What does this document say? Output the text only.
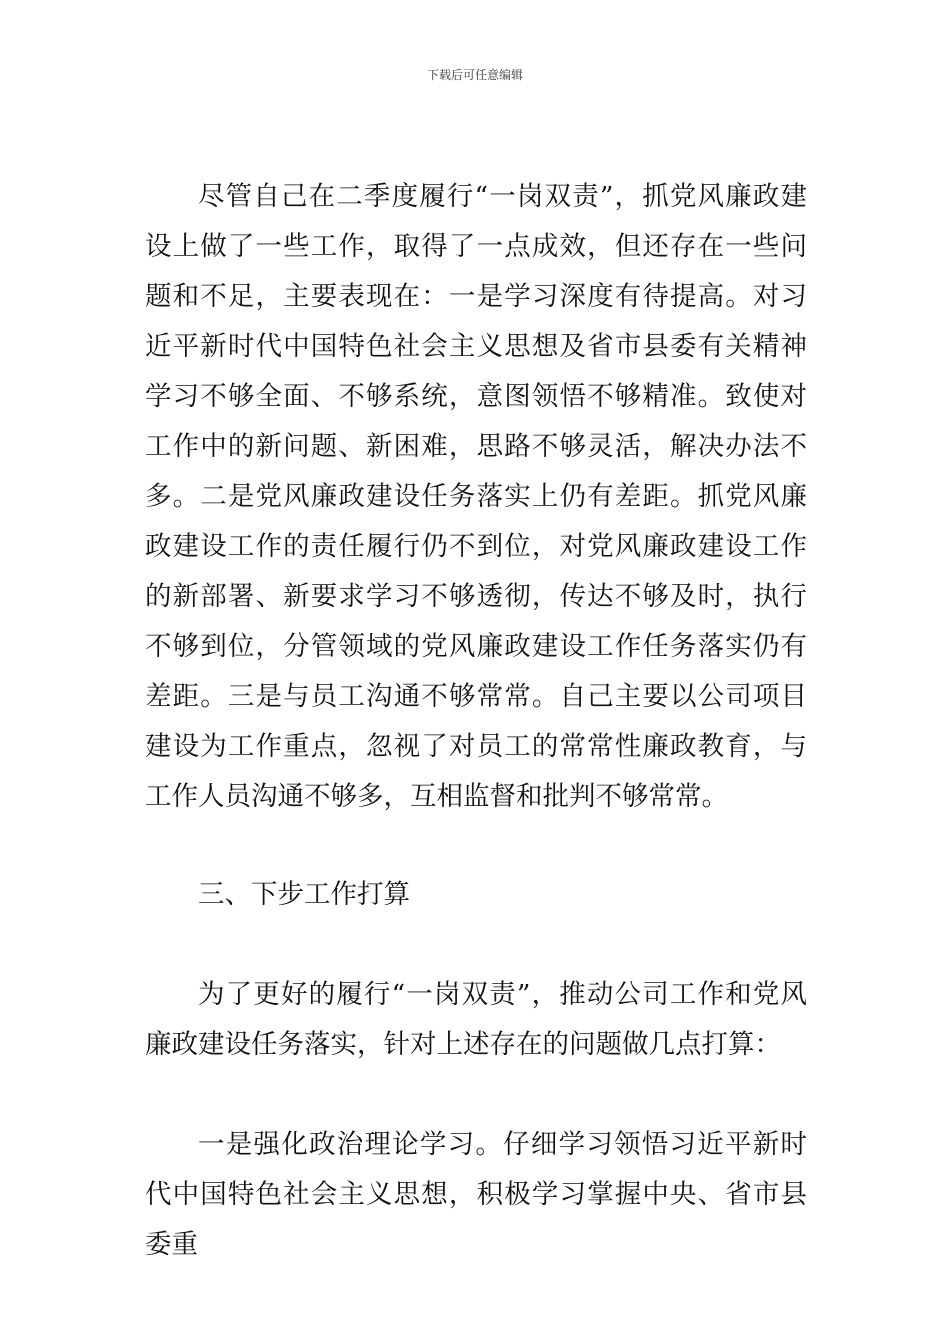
下载后可任意编辑

尽管自己在二季度履行“一岗双责”，抓党风廉政建设上做了一些工作，取得了一点成效，但还存在一些问题和不足，主要表现在：一是学习深度有待提高。对习近平新时代中国特色社会主义思想及省市县委有关精神学习不够全面、不够系统，意图领悟不够精准。致使对工作中的新问题、新困难，思路不够灵活，解决办法不多。二是党风廉政建设任务落实上仍有差距。抓党风廉政建设工作的责任履行仍不到位，对党风廉政建设工作的新部署、新要求学习不够透彻，传达不够及时，执行不够到位，分管领域的党风廉政建设工作任务落实仍有差距。三是与员工沟通不够常常。自己主要以公司项目建设为工作重点，忽视了对员工的常常性廉政教育，与工作人员沟通不够多，互相监督和批判不够常常。

三、下步工作打算

为了更好的履行“一岗双责”，推动公司工作和党风廉政建设任务落实，针对上述存在的问题做几点打算：

一是强化政治理论学习。仔细学习领悟习近平新时代中国特色社会主义思想，积极学习掌握中央、省市县委重
